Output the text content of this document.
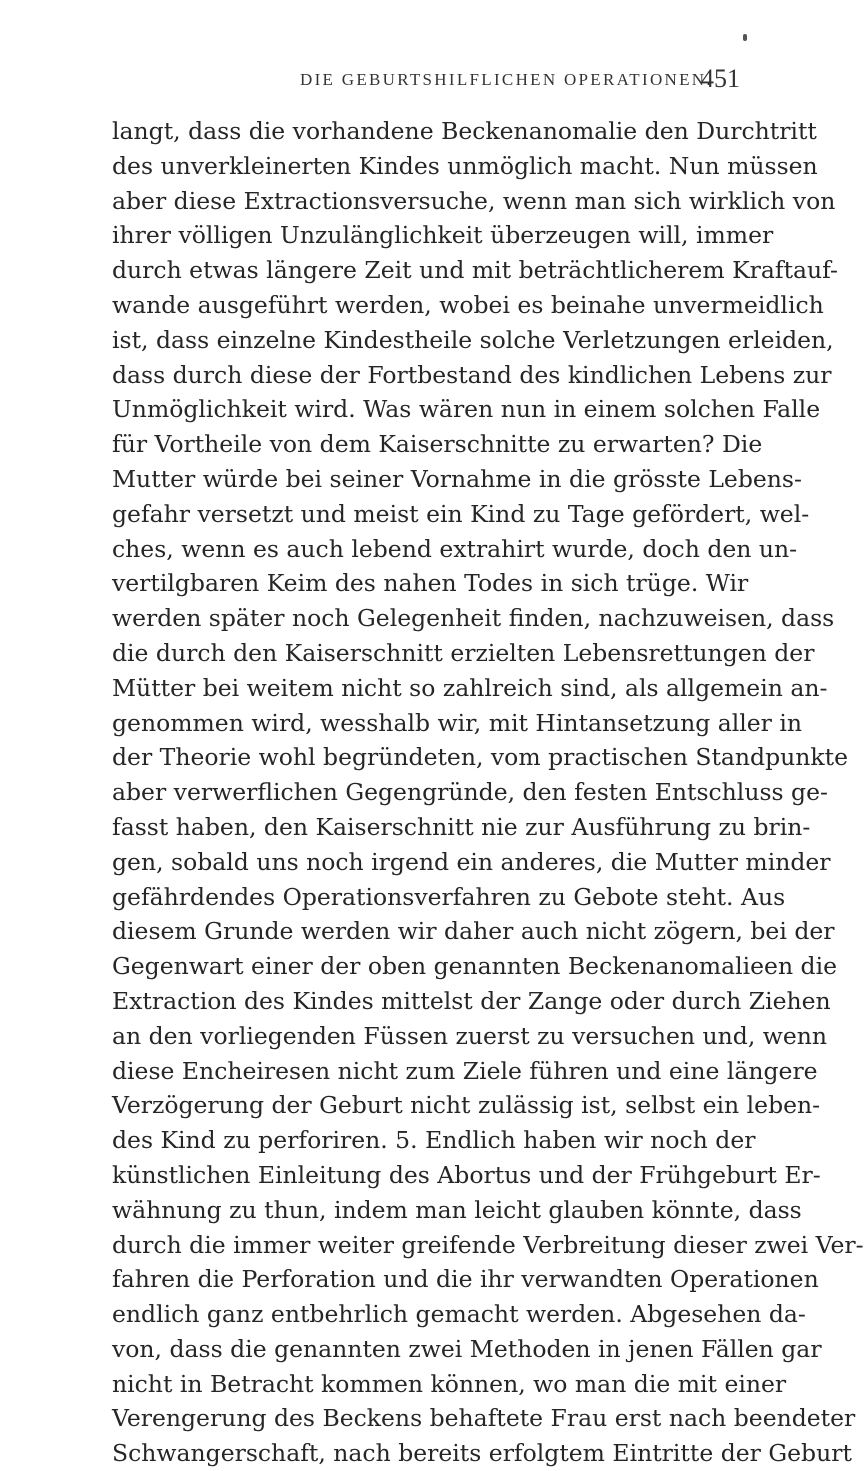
DIE GEBURTSHILFLICHEN OPERATIONEN.
451
langt, dass die vorhandene Beckenanomalie den Durchtritt
des unverkleinerten Kindes unmöglich macht. Nun müssen
aber diese Extractionsversuche, wenn man sich wirklich von
ihrer völligen Unzulänglichkeit überzeugen will, immer
durch etwas längere Zeit und mit beträchtlicherem Kraftauf-
wande ausgeführt werden, wobei es beinahe unvermeidlich
ist, dass einzelne Kindestheile solche Verletzungen erleiden,
dass durch diese der Fortbestand des kindlichen Lebens zur
Unmöglichkeit wird. Was wären nun in einem solchen Falle
für Vortheile von dem Kaiserschnitte zu erwarten? Die
Mutter würde bei seiner Vornahme in die grösste Lebens-
gefahr versetzt und meist ein Kind zu Tage gefördert, wel-
ches, wenn es auch lebend extrahirt wurde, doch den un-
vertilgbaren Keim des nahen Todes in sich trüge. Wir
werden später noch Gelegenheit finden, nachzuweisen, dass
die durch den Kaiserschnitt erzielten Lebensrettungen der
Mütter bei weitem nicht so zahlreich sind, als allgemein an-
genommen wird, wesshalb wir, mit Hintansetzung aller in
der Theorie wohl begründeten, vom practischen Standpunkte
aber verwerflichen Gegengründe, den festen Entschluss ge-
fasst haben, den Kaiserschnitt nie zur Ausführung zu brin-
gen, sobald uns noch irgend ein anderes, die Mutter minder
gefährdendes Operationsverfahren zu Gebote steht. Aus
diesem Grunde werden wir daher auch nicht zögern, bei der
Gegenwart einer der oben genannten Beckenanomalieen die
Extraction des Kindes mittelst der Zange oder durch Ziehen
an den vorliegenden Füssen zuerst zu versuchen und, wenn
diese Encheiresen nicht zum Ziele führen und eine längere
Verzögerung der Geburt nicht zulässig ist, selbst ein leben-
des Kind zu perforiren. 5. Endlich haben wir noch der
künstlichen Einleitung des Abortus und der Frühgeburt Er-
wähnung zu thun, indem man leicht glauben könnte, dass
durch die immer weiter greifende Verbreitung dieser zwei Ver-
fahren die Perforation und die ihr verwandten Operationen
endlich ganz entbehrlich gemacht werden. Abgesehen da-
von, dass die genannten zwei Methoden in jenen Fällen gar
nicht in Betracht kommen können, wo man die mit einer
Verengerung des Beckens behaftete Frau erst nach beendeter
Schwangerschaft, nach bereits erfolgtem Eintritte der Geburt
